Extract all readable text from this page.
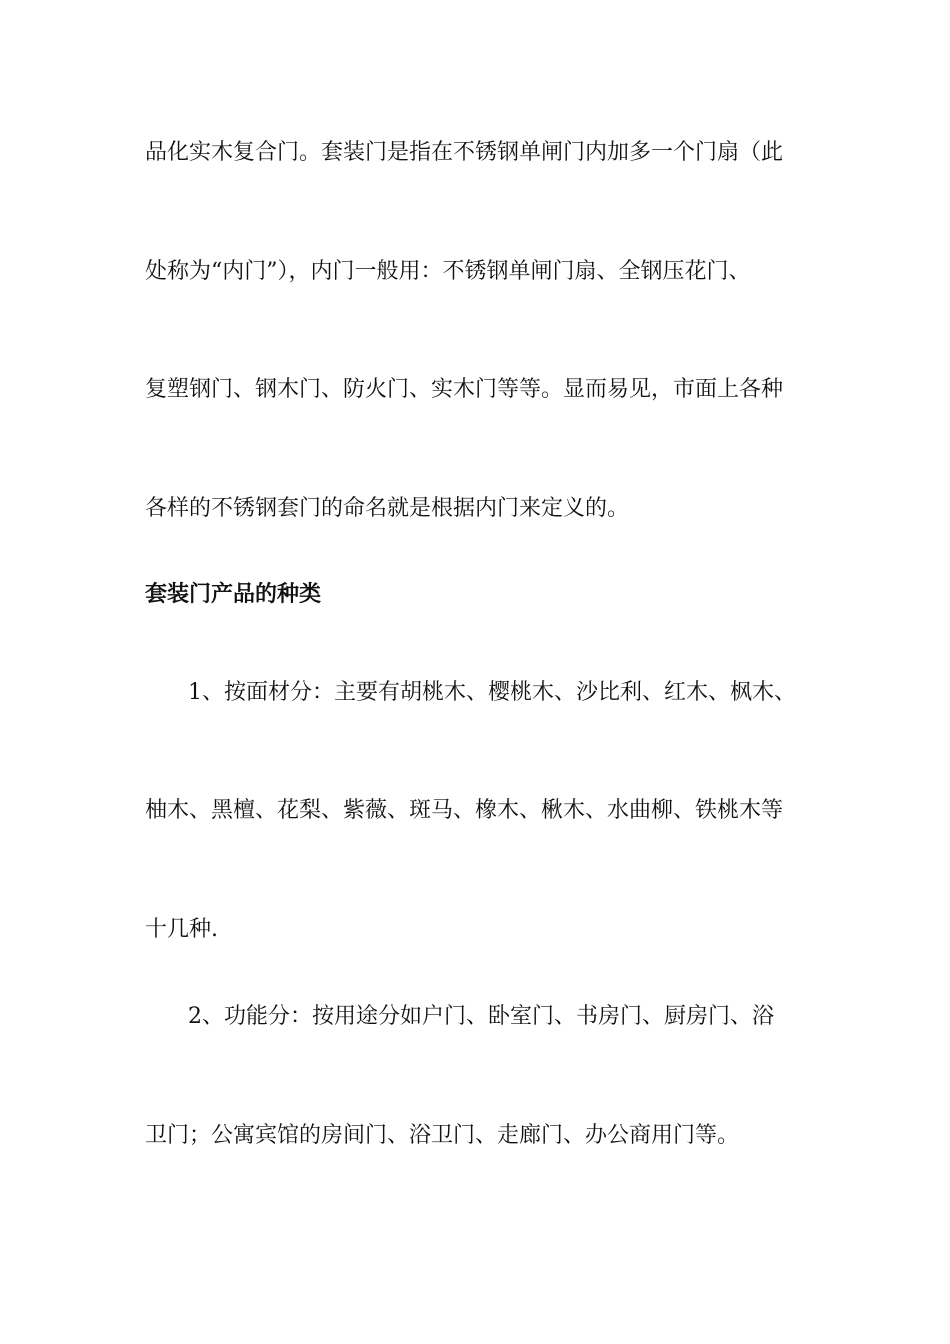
品化实木复合门。套装门是指在不锈钢单闸门内加多一个门扇（此
处称为“内门”），内门一般用：不锈钢单闸门扇、全钢压花门、
复塑钢门、钢木门、防火门、实木门等等。显而易见，市面上各种
各样的不锈钢套门的命名就是根据内门来定义的。
套装门产品的种类
1、按面材分：主要有胡桃木、樱桃木、沙比利、红木、枫木、
柚木、黑檀、花梨、紫薇、斑马、橡木、楸木、水曲柳、铁桃木等
十几种.
2、功能分：按用途分如户门、卧室门、书房门、厨房门、浴
卫门；公寓宾馆的房间门、浴卫门、走廊门、办公商用门等。
